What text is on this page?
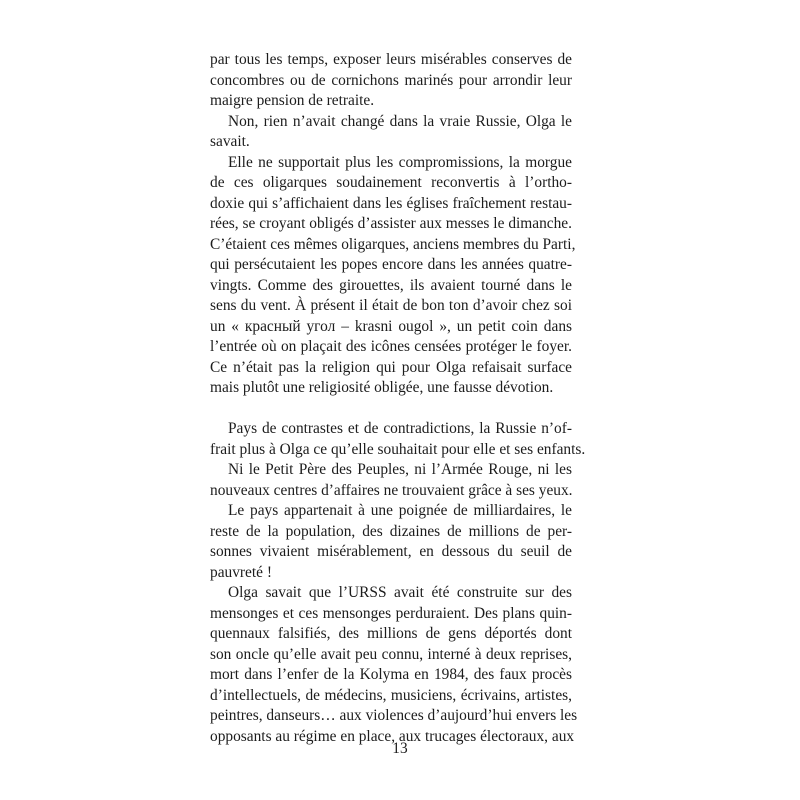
par tous les temps, exposer leurs misérables conserves de
concombres ou de cornichons marinés pour arrondir leur
maigre pension de retraite.
Non, rien n’avait changé dans la vraie Russie, Olga le
savait.
Elle ne supportait plus les compromissions, la morgue
de ces oligarques soudainement reconvertis à l’ortho-
doxie qui s’affichaient dans les églises fraîchement restau-
rées, se croyant obligés d’assister aux messes le dimanche.
C’étaient ces mêmes oligarques, anciens membres du Parti,
qui persécutaient les popes encore dans les années quatre-
vingts. Comme des girouettes, ils avaient tourné dans le
sens du vent. À présent il était de bon ton d’avoir chez soi
un « красный угол – krasni ougol », un petit coin dans
l’entrée où on plaçait des icônes censées protéger le foyer.
Ce n’était pas la religion qui pour Olga refaisait surface
mais plutôt une religiosité obligée, une fausse dévotion.
Pays de contrastes et de contradictions, la Russie n’of-
frait plus à Olga ce qu’elle souhaitait pour elle et ses enfants.
Ni le Petit Père des Peuples, ni l’Armée Rouge, ni les
nouveaux centres d’affaires ne trouvaient grâce à ses yeux.
Le pays appartenait à une poignée de milliardaires, le
reste de la population, des dizaines de millions de per-
sonnes vivaient misérablement, en dessous du seuil de
pauvreté !
Olga savait que l’URSS avait été construite sur des
mensonges et ces mensonges perduraient. Des plans quin-
quennaux falsifiés, des millions de gens déportés dont
son oncle qu’elle avait peu connu, interné à deux reprises,
mort dans l’enfer de la Kolyma en 1984, des faux procès
d’intellectuels, de médecins, musiciens, écrivains, artistes,
peintres, danseurs… aux violences d’aujourd’hui envers les
opposants au régime en place, aux trucages électoraux, aux
13
